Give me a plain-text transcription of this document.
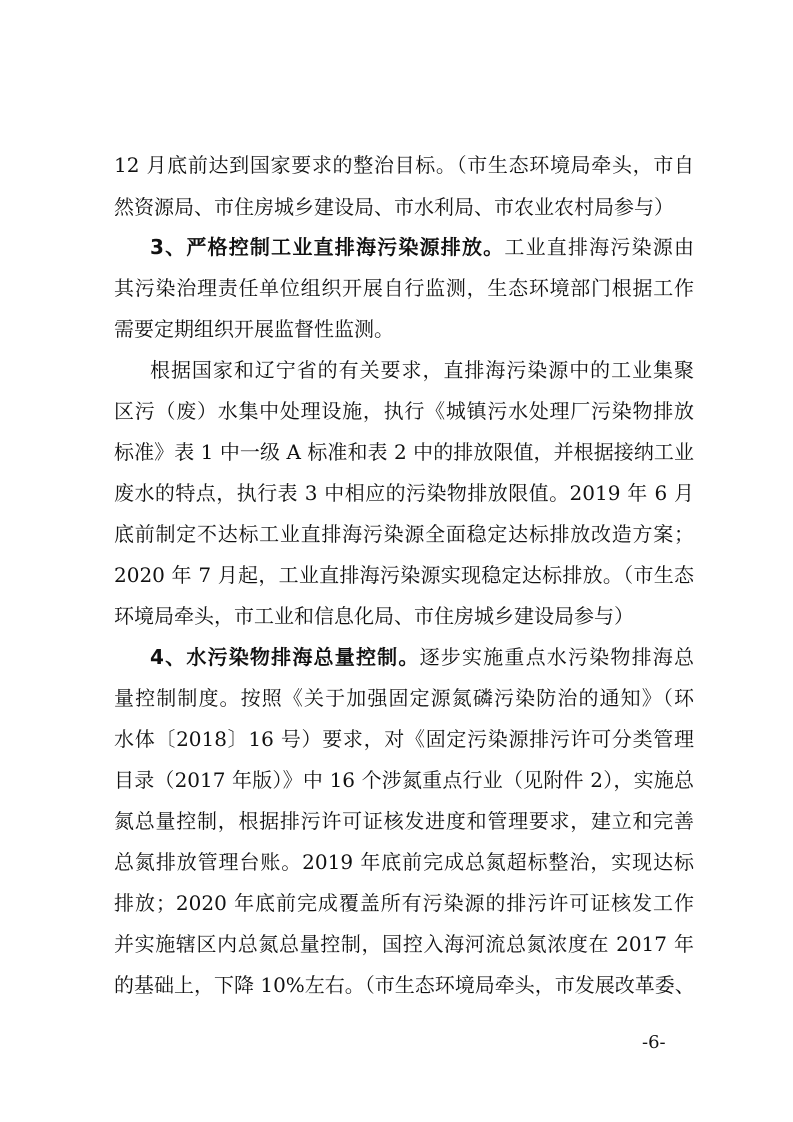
12 月底前达到国家要求的整治目标。（市生态环境局牵头，市自
然资源局、市住房城乡建设局、市水利局、市农业农村局参与）
3、严格控制工业直排海污染源排放。工业直排海污染源由
其污染治理责任单位组织开展自行监测，生态环境部门根据工作
需要定期组织开展监督性监测。
根据国家和辽宁省的有关要求，直排海污染源中的工业集聚
区污（废）水集中处理设施，执行《城镇污水处理厂污染物排放
标准》表 1 中一级 A 标准和表 2 中的排放限值，并根据接纳工业
废水的特点，执行表 3 中相应的污染物排放限值。2019 年 6 月
底前制定不达标工业直排海污染源全面稳定达标排放改造方案；
2020 年 7 月起，工业直排海污染源实现稳定达标排放。（市生态
环境局牵头，市工业和信息化局、市住房城乡建设局参与）
4、水污染物排海总量控制。逐步实施重点水污染物排海总
量控制制度。按照《关于加强固定源氮磷污染防治的通知》（环
水体〔2018〕16 号）要求，对《固定污染源排污许可分类管理
目录（2017 年版）》中 16 个涉氮重点行业（见附件 2），实施总
氮总量控制，根据排污许可证核发进度和管理要求，建立和完善
总氮排放管理台账。2019 年底前完成总氮超标整治，实现达标
排放；2020 年底前完成覆盖所有污染源的排污许可证核发工作
并实施辖区内总氮总量控制，国控入海河流总氮浓度在 2017 年
的基础上，下降 10%左右。（市生态环境局牵头，市发展改革委、
-6-
